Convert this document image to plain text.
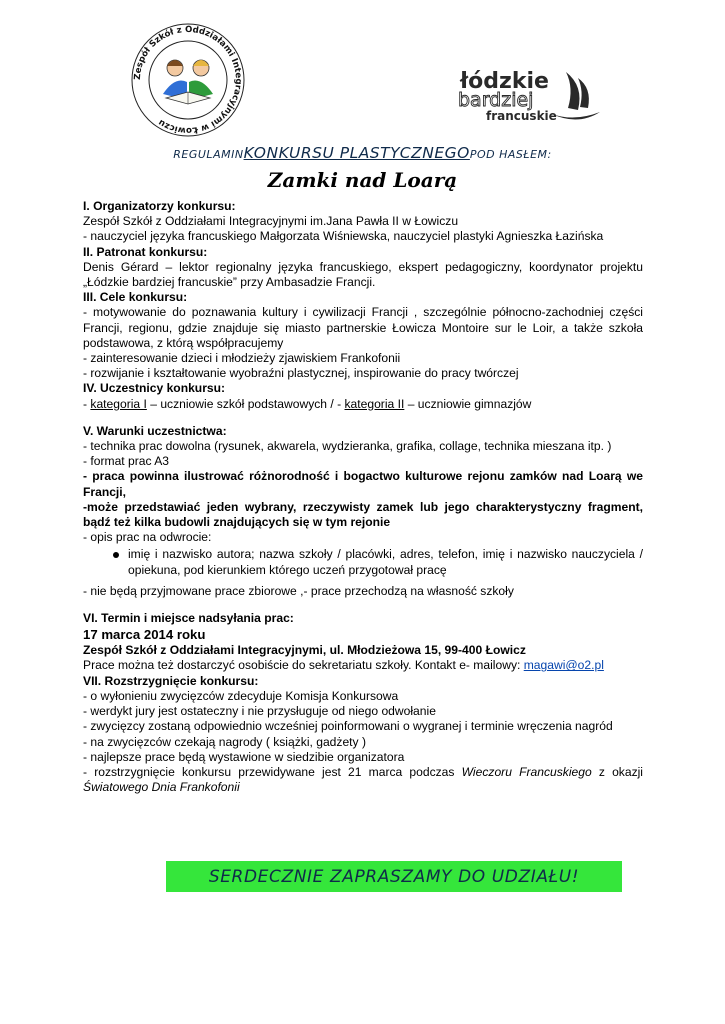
Zespół Szkół z Oddziałami Integracyjnymi w Łowiczu
łódzkie
bardziej
francuskie
REGULAMINKONKURSU PLASTYCZNEGOPOD HASŁEM:
Zamki nad Loarą

I. Organizatorzy konkursu:

Zespół Szkół z Oddziałami Integracyjnymi im.Jana Pawła II w Łowiczu

- nauczyciel języka francuskiego Małgorzata Wiśniewska, nauczyciel plastyki Agnieszka Łazińska

II. Patronat konkursu:

Denis Gérard – lektor regionalny języka francuskiego, ekspert pedagogiczny, koordynator projektu „Łódzkie bardziej francuskie” przy Ambasadzie Francji.

III. Cele konkursu:

- motywowanie do poznawania kultury i cywilizacji Francji , szczególnie północno-zachodniej części Francji, regionu, gdzie znajduje się miasto partnerskie Łowicza Montoire sur le Loir, a także szkoła podstawowa, z którą współpracujemy

- zainteresowanie dzieci i młodzieży zjawiskiem Frankofonii

- rozwijanie i kształtowanie wyobraźni plastycznej, inspirowanie do pracy twórczej

IV. Uczestnicy konkursu:

- kategoria I – uczniowie szkół podstawowych / - kategoria II – uczniowie gimnazjów

V. Warunki uczestnictwa:

- technika prac dowolna (rysunek, akwarela, wydzieranka, grafika, collage, technika mieszana itp. )

- format prac A3

- praca powinna ilustrować różnorodność i bogactwo kulturowe rejonu zamków nad Loarą we Francji,

-może przedstawiać jeden wybrany, rzeczywisty zamek lub jego charakterystyczny fragment, bądź też kilka budowli znajdujących się w tym rejonie

- opis prac na odwrocie:

imię i nazwisko autora; nazwa szkoły / placówki, adres, telefon, imię i nazwisko nauczyciela / opiekuna, pod kierunkiem którego uczeń przygotował pracę

- nie będą przyjmowane prace zbiorowe ,- prace przechodzą na własność szkoły

VI. Termin i miejsce nadsyłania prac:

17 marca 2014 roku

Zespół Szkół z Oddziałami Integracyjnymi, ul. Młodzieżowa 15, 99-400 Łowicz

Prace można też dostarczyć osobiście do sekretariatu szkoły. Kontakt e- mailowy: magawi@o2.pl

VII. Rozstrzygnięcie konkursu:

- o wyłonieniu zwycięzców zdecyduje Komisja Konkursowa

- werdykt jury jest ostateczny i nie przysługuje od niego odwołanie

- zwycięzcy zostaną odpowiednio wcześniej poinformowani o wygranej i terminie wręczenia nagród

- na zwycięzców czekają nagrody ( książki, gadżety )

- najlepsze prace będą wystawione w siedzibie organizatora

- rozstrzygnięcie konkursu przewidywane jest 21 marca podczas Wieczoru Francuskiego z okazji Światowego Dnia Frankofonii

SERDECZNIE ZAPRASZAMY DO UDZIAŁU!
